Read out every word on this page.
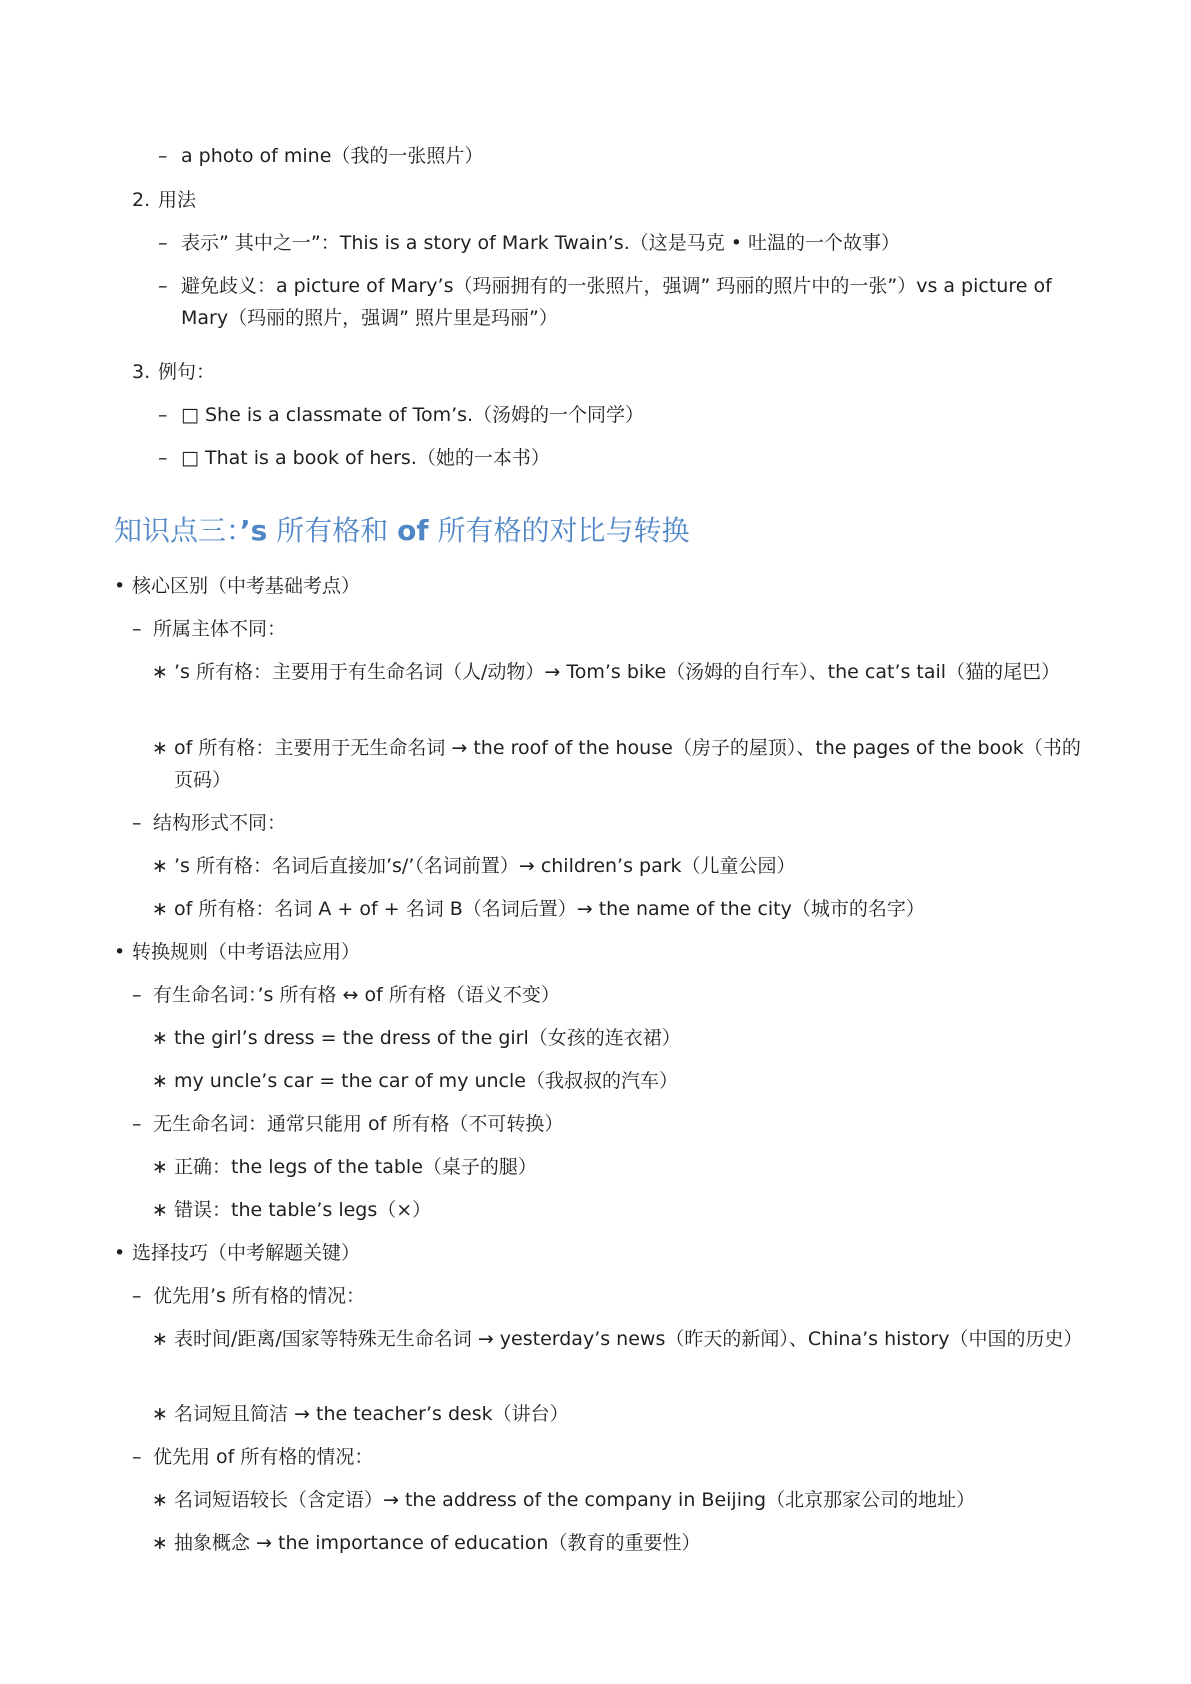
– a photo of mine（我的一张照片）
2. 用法
– 表示” 其中之一”：This is a story of Mark Twain’s.（这是马克 • 吐温的一个故事）
– 避免歧义：a picture of Mary’s（玛丽拥有的一张照片，强调” 玛丽的照片中的一张”）vs a picture of Mary（玛丽的照片，强调” 照片里是玛丽”）
3. 例句：
– □ She is a classmate of Tom’s.（汤姆的一个同学）
– □ That is a book of hers.（她的一本书）
知识点三：’s 所有格和 of 所有格的对比与转换
• 核心区别（中考基础考点）
– 所属主体不同：
∗ ’s 所有格：主要用于有生命名词（人/动物）→ Tom’s bike（汤姆的自行车）、the cat’s tail（猫的尾巴）
∗ of 所有格：主要用于无生命名词 → the roof of the house（房子的屋顶）、the pages of the book（书的页码）
– 结构形式不同：
∗ ’s 所有格：名词后直接加’s/’（名词前置）→ children’s park（儿童公园）
∗ of 所有格：名词 A + of + 名词 B（名词后置）→ the name of the city（城市的名字）
• 转换规则（中考语法应用）
– 有生命名词：’s 所有格 ↔ of 所有格（语义不变）
∗ the girl’s dress = the dress of the girl（女孩的连衣裙）
∗ my uncle’s car = the car of my uncle（我叔叔的汽车）
– 无生命名词：通常只能用 of 所有格（不可转换）
∗ 正确：the legs of the table（桌子的腿）
∗ 错误：the table’s legs（×）
• 选择技巧（中考解题关键）
– 优先用’s 所有格的情况：
∗ 表时间/距离/国家等特殊无生命名词 → yesterday’s news（昨天的新闻）、China’s history（中国的历史）
∗ 名词短且简洁 → the teacher’s desk（讲台）
– 优先用 of 所有格的情况：
∗ 名词短语较长（含定语）→ the address of the company in Beijing（北京那家公司的地址）
∗ 抽象概念 → the importance of education（教育的重要性）
